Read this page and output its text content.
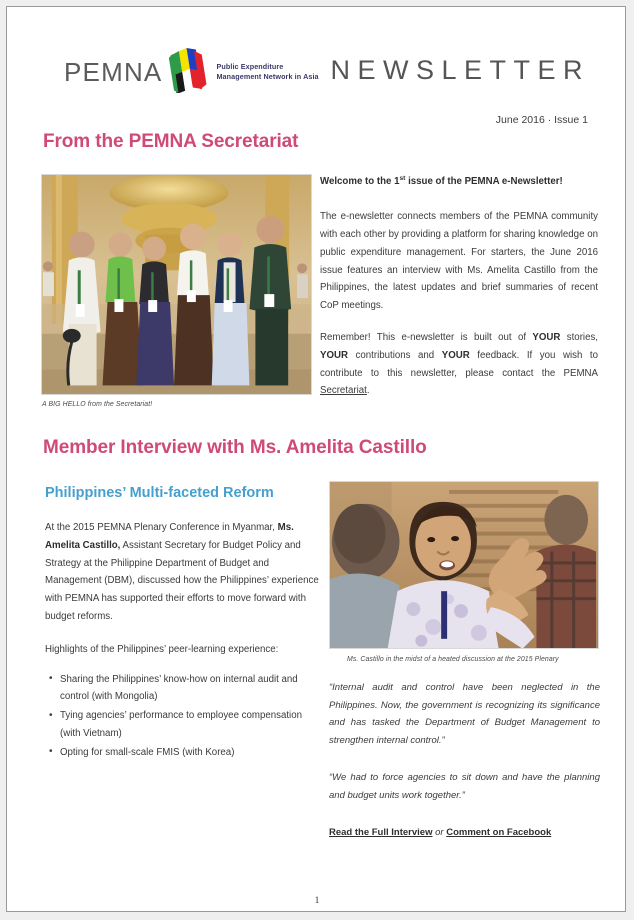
PEMNA	Public Expenditure
Management Network in Asia NEWSLETTER
June 2016 · Issue 1
From the PEMNA Secretariat
A BIG HELLO from the Secretariat!
Welcome to the 1st issue of the PEMNA e-Newsletter!

The e-newsletter connects members of the PEMNA community with each other by providing a platform for sharing knowledge on public expenditure management. For starters, the June 2016 issue features an interview with Ms. Amelita Castillo from the Philippines, the latest updates and brief summaries of recent CoP meetings.

Remember! This e-newsletter is built out of YOUR stories, YOUR contributions and YOUR feedback. If you wish to contribute to this newsletter, please contact the PEMNA Secretariat.

Member Interview with Ms. Amelita Castillo
Philippines’ Multi-faceted Reform
At the 2015 PEMNA Plenary Conference in Myanmar, Ms. Amelita Castillo, Assistant Secretary for Budget Policy and Strategy at the Philippine Department of Budget and Management (DBM), discussed how the Philippines’ experience with PEMNA has supported their efforts to move forward with budget reforms.
Highlights of the Philippines’ peer-learning experience:
• Sharing the Philippines’ know-how on internal audit and control (with Mongolia)
• Tying agencies’ performance to employee compensation (with Vietnam)
• Opting for small-scale FMIS (with Korea)
Ms. Castillo in the midst of a heated discussion at the 2015 Plenary
“Internal audit and control have been neglected in the Philippines. Now, the government is recognizing its significance and has tasked the Department of Budget Management to strengthen internal control.”
“We had to force agencies to sit down and have the planning and budget units work together.”
Read the Full Interview or Comment on Facebook
1
